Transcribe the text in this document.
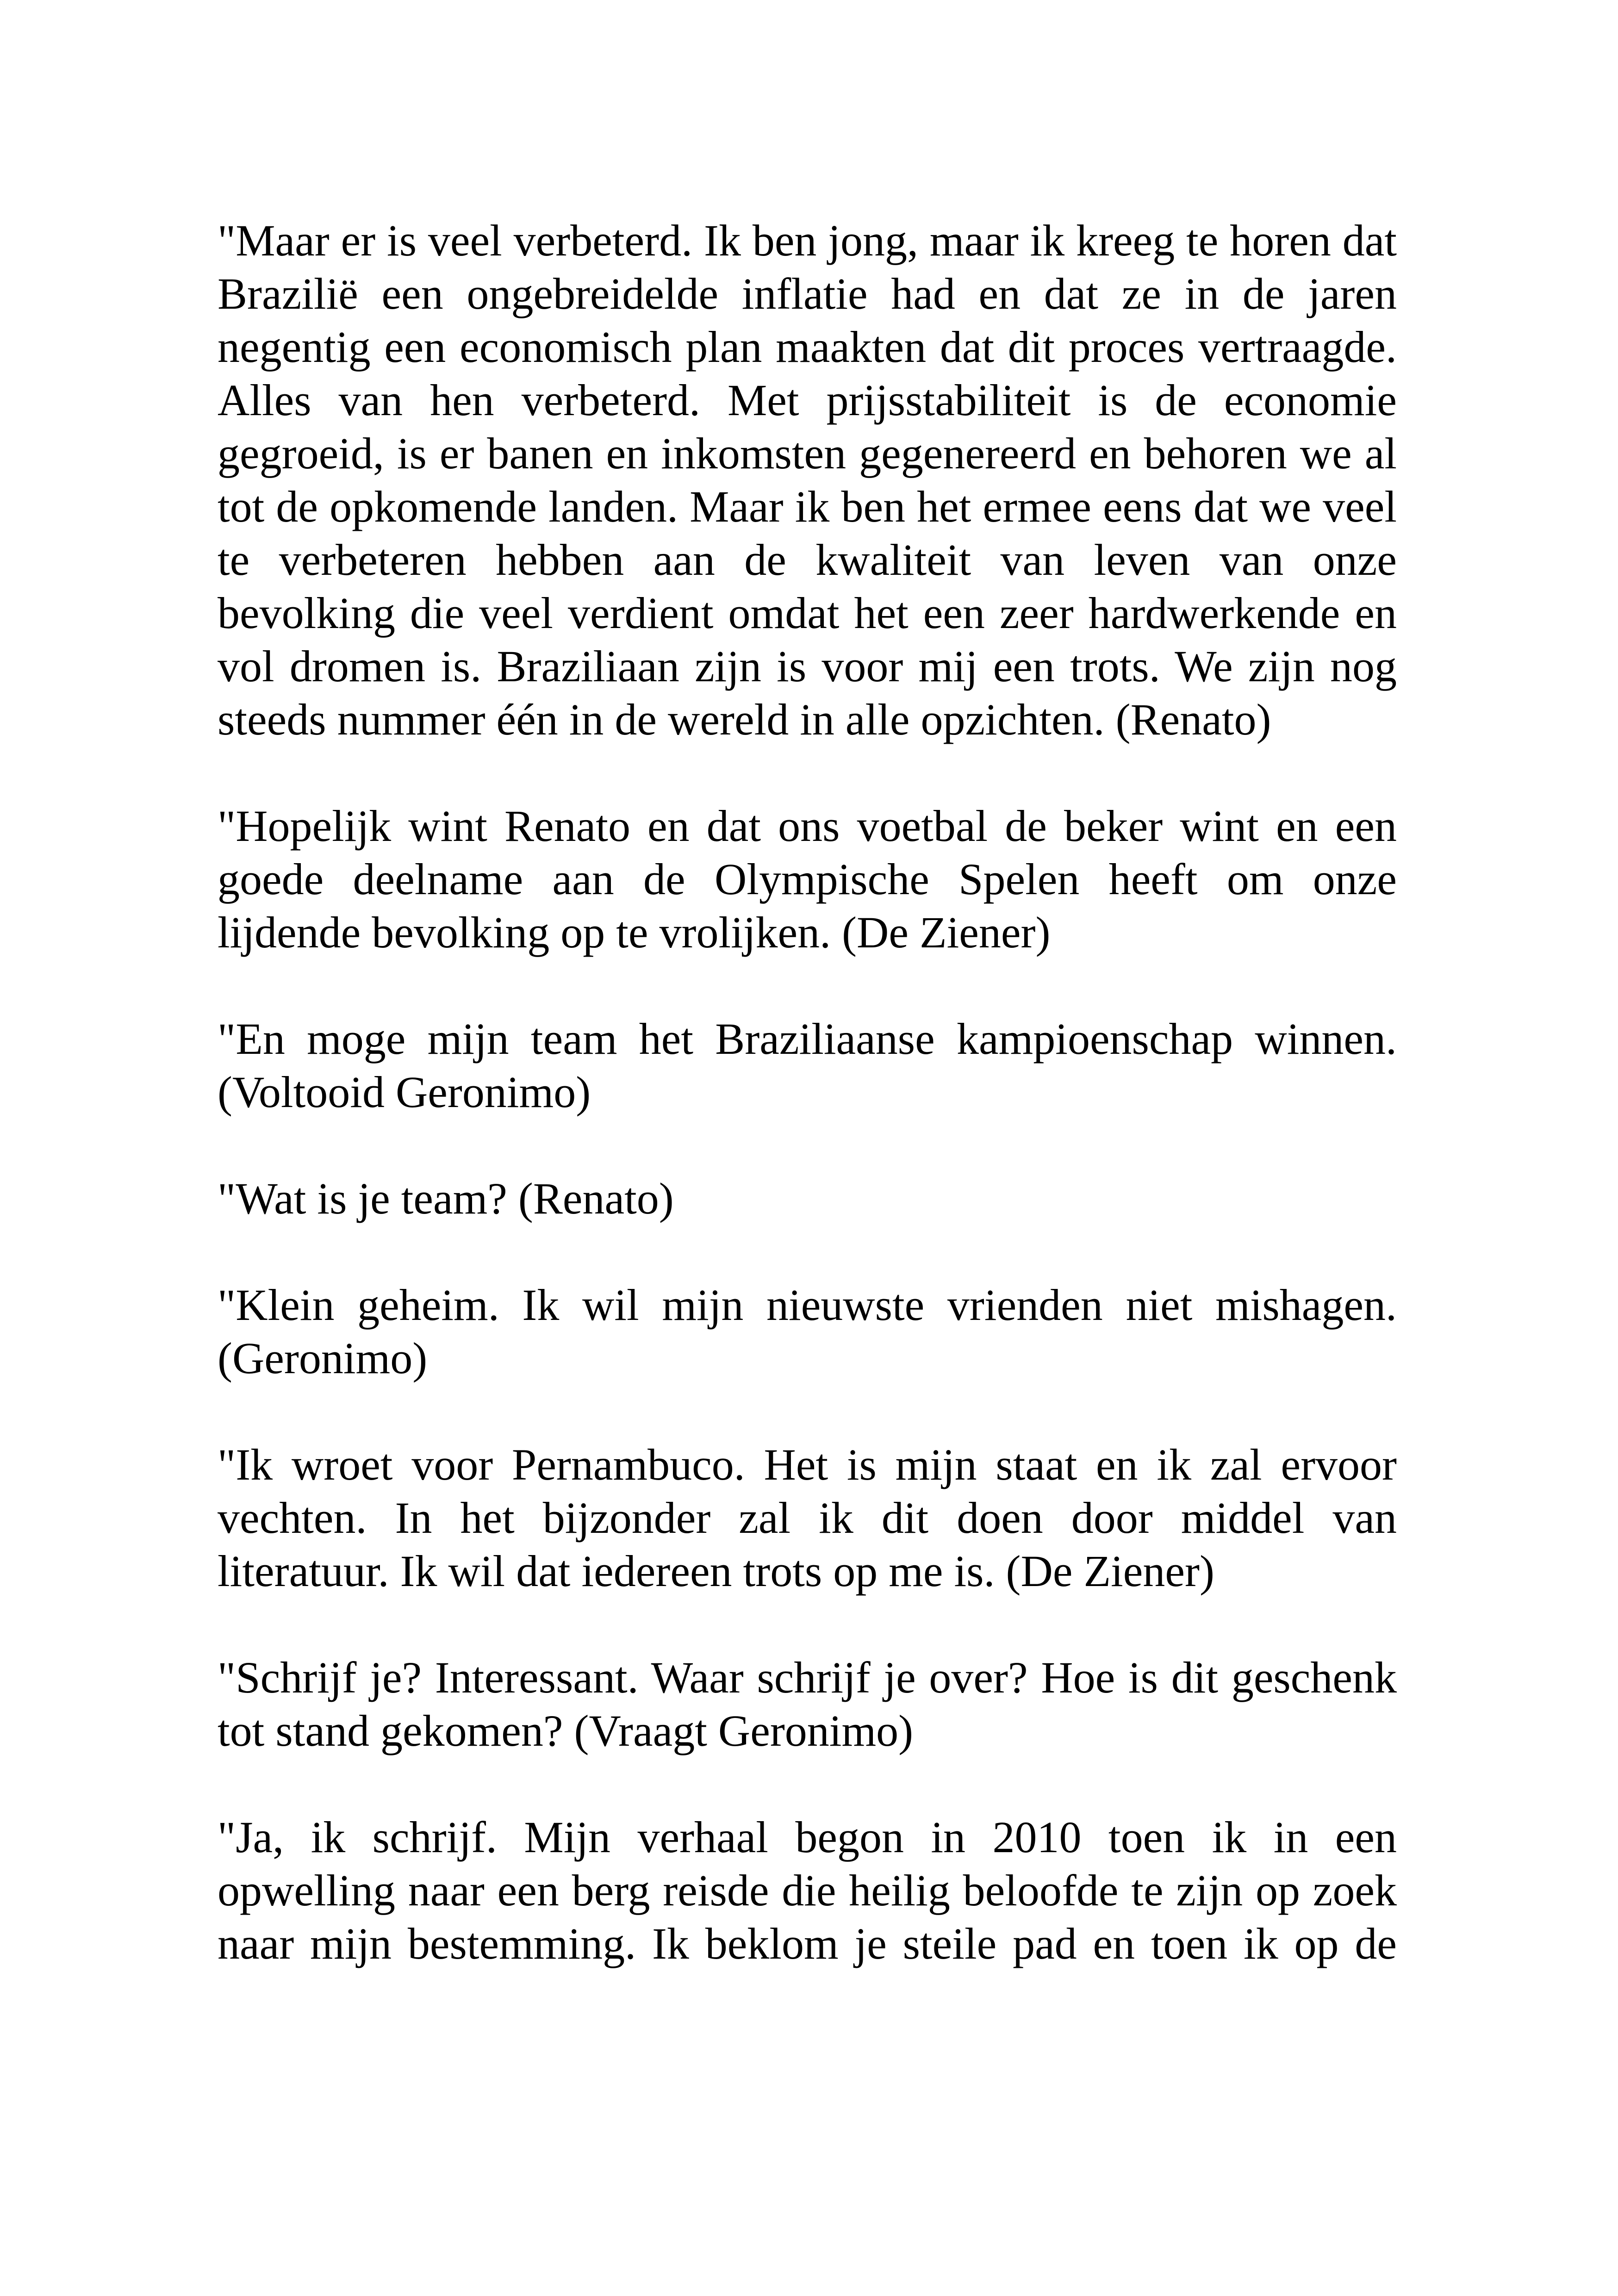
"Maar er is veel verbeterd. Ik ben jong, maar ik kreeg te horen dat Brazilië een ongebreidelde inflatie had en dat ze in de jaren negentig een economisch plan maakten dat dit proces vertraagde. Alles van hen verbeterd. Met prijsstabiliteit is de economie gegroeid, is er banen en inkomsten gegenereerd en behoren we al tot de opkomende landen. Maar ik ben het ermee eens dat we veel te verbeteren hebben aan de kwaliteit van leven van onze bevolking die veel verdient omdat het een zeer hardwerkende en vol dromen is. Braziliaan zijn is voor mij een trots. We zijn nog steeds nummer één in de wereld in alle opzichten. (Renato)

"Hopelijk wint Renato en dat ons voetbal de beker wint en een goede deelname aan de Olympische Spelen heeft om onze lijdende bevolking op te vrolijken. (De Ziener)

"En moge mijn team het Braziliaanse kampioenschap winnen. (Voltooid Geronimo)

"Wat is je team? (Renato)

"Klein geheim. Ik wil mijn nieuwste vrienden niet mishagen. (Geronimo)

"Ik wroet voor Pernambuco. Het is mijn staat en ik zal ervoor vechten. In het bijzonder zal ik dit doen door middel van literatuur. Ik wil dat iedereen trots op me is. (De Ziener)

"Schrijf je? Interessant. Waar schrijf je over? Hoe is dit geschenk tot stand gekomen? (Vraagt Geronimo)

"Ja, ik schrijf. Mijn verhaal begon in 2010 toen ik in een opwelling naar een berg reisde die heilig beloofde te zijn op zoek naar mijn bestemming. Ik beklom je steile pad en toen ik op de
